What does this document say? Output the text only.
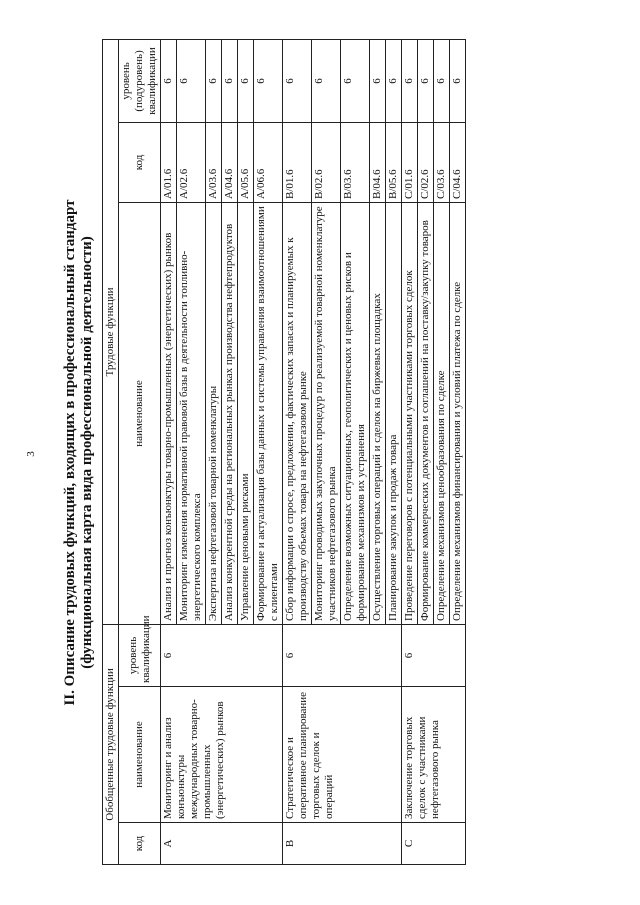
3 II. Описание трудовых функций, входящих в профессиональный стандарт (функциональная карта вида профессиональной деятельности)
Обобщенные трудовые функции			Трудовые функции		
код	наименование	уровень квалификации	наименование	код	уровень (подуровень) квалификации
A	Мониторинг и анализ конъюнктуры международных товарно-промышленных (энергетических) рынков	6	Анализ и прогноз конъюнктуры товарно-промышленных (энергетических) рынков	A/01.6	6
			Мониторинг изменения нормативной правовой базы в деятельности топливно-энергетического комплекса	A/02.6	6
			Экспертиза нефтегазовой товарной номенклатуры	A/03.6	6
			Анализ конкурентной среды на региональных рынках производства нефтепродуктов	A/04.6	6
			Управление ценовыми рисками	A/05.6	6
			Формирование и актуализация базы данных и системы управления взаимоотношениями с клиентами	A/06.6	6
B	Стратегическое и оперативное планирование торговых сделок и операций	6	Сбор информации о спросе, предложении, фактических запасах и планируемых к производству объемах товара на нефтегазовом рынке	B/01.6	6
			Мониторинг проводимых закупочных процедур по реализуемой товарной номенклатуре участников нефтегазового рынка	B/02.6	6
			Определение возможных ситуационных, геополитических и ценовых рисков и формирование механизмов их устранения	B/03.6	6
			Осуществление торговых операций и сделок на биржевых площадках	B/04.6	6
			Планирование закупок и продаж товара	B/05.6	6
C	Заключение торговых сделок с участниками нефтегазового рынка	6	Проведение переговоров с потенциальными участниками торговых сделок	C/01.6	6
			Формирование коммерческих документов и соглашений на поставку/закупку товаров	C/02.6	6
			Определение механизмов ценообразования по сделке	C/03.6	6
			Определение механизмов финансирования и условий платежа по сделке	C/04.6	6
